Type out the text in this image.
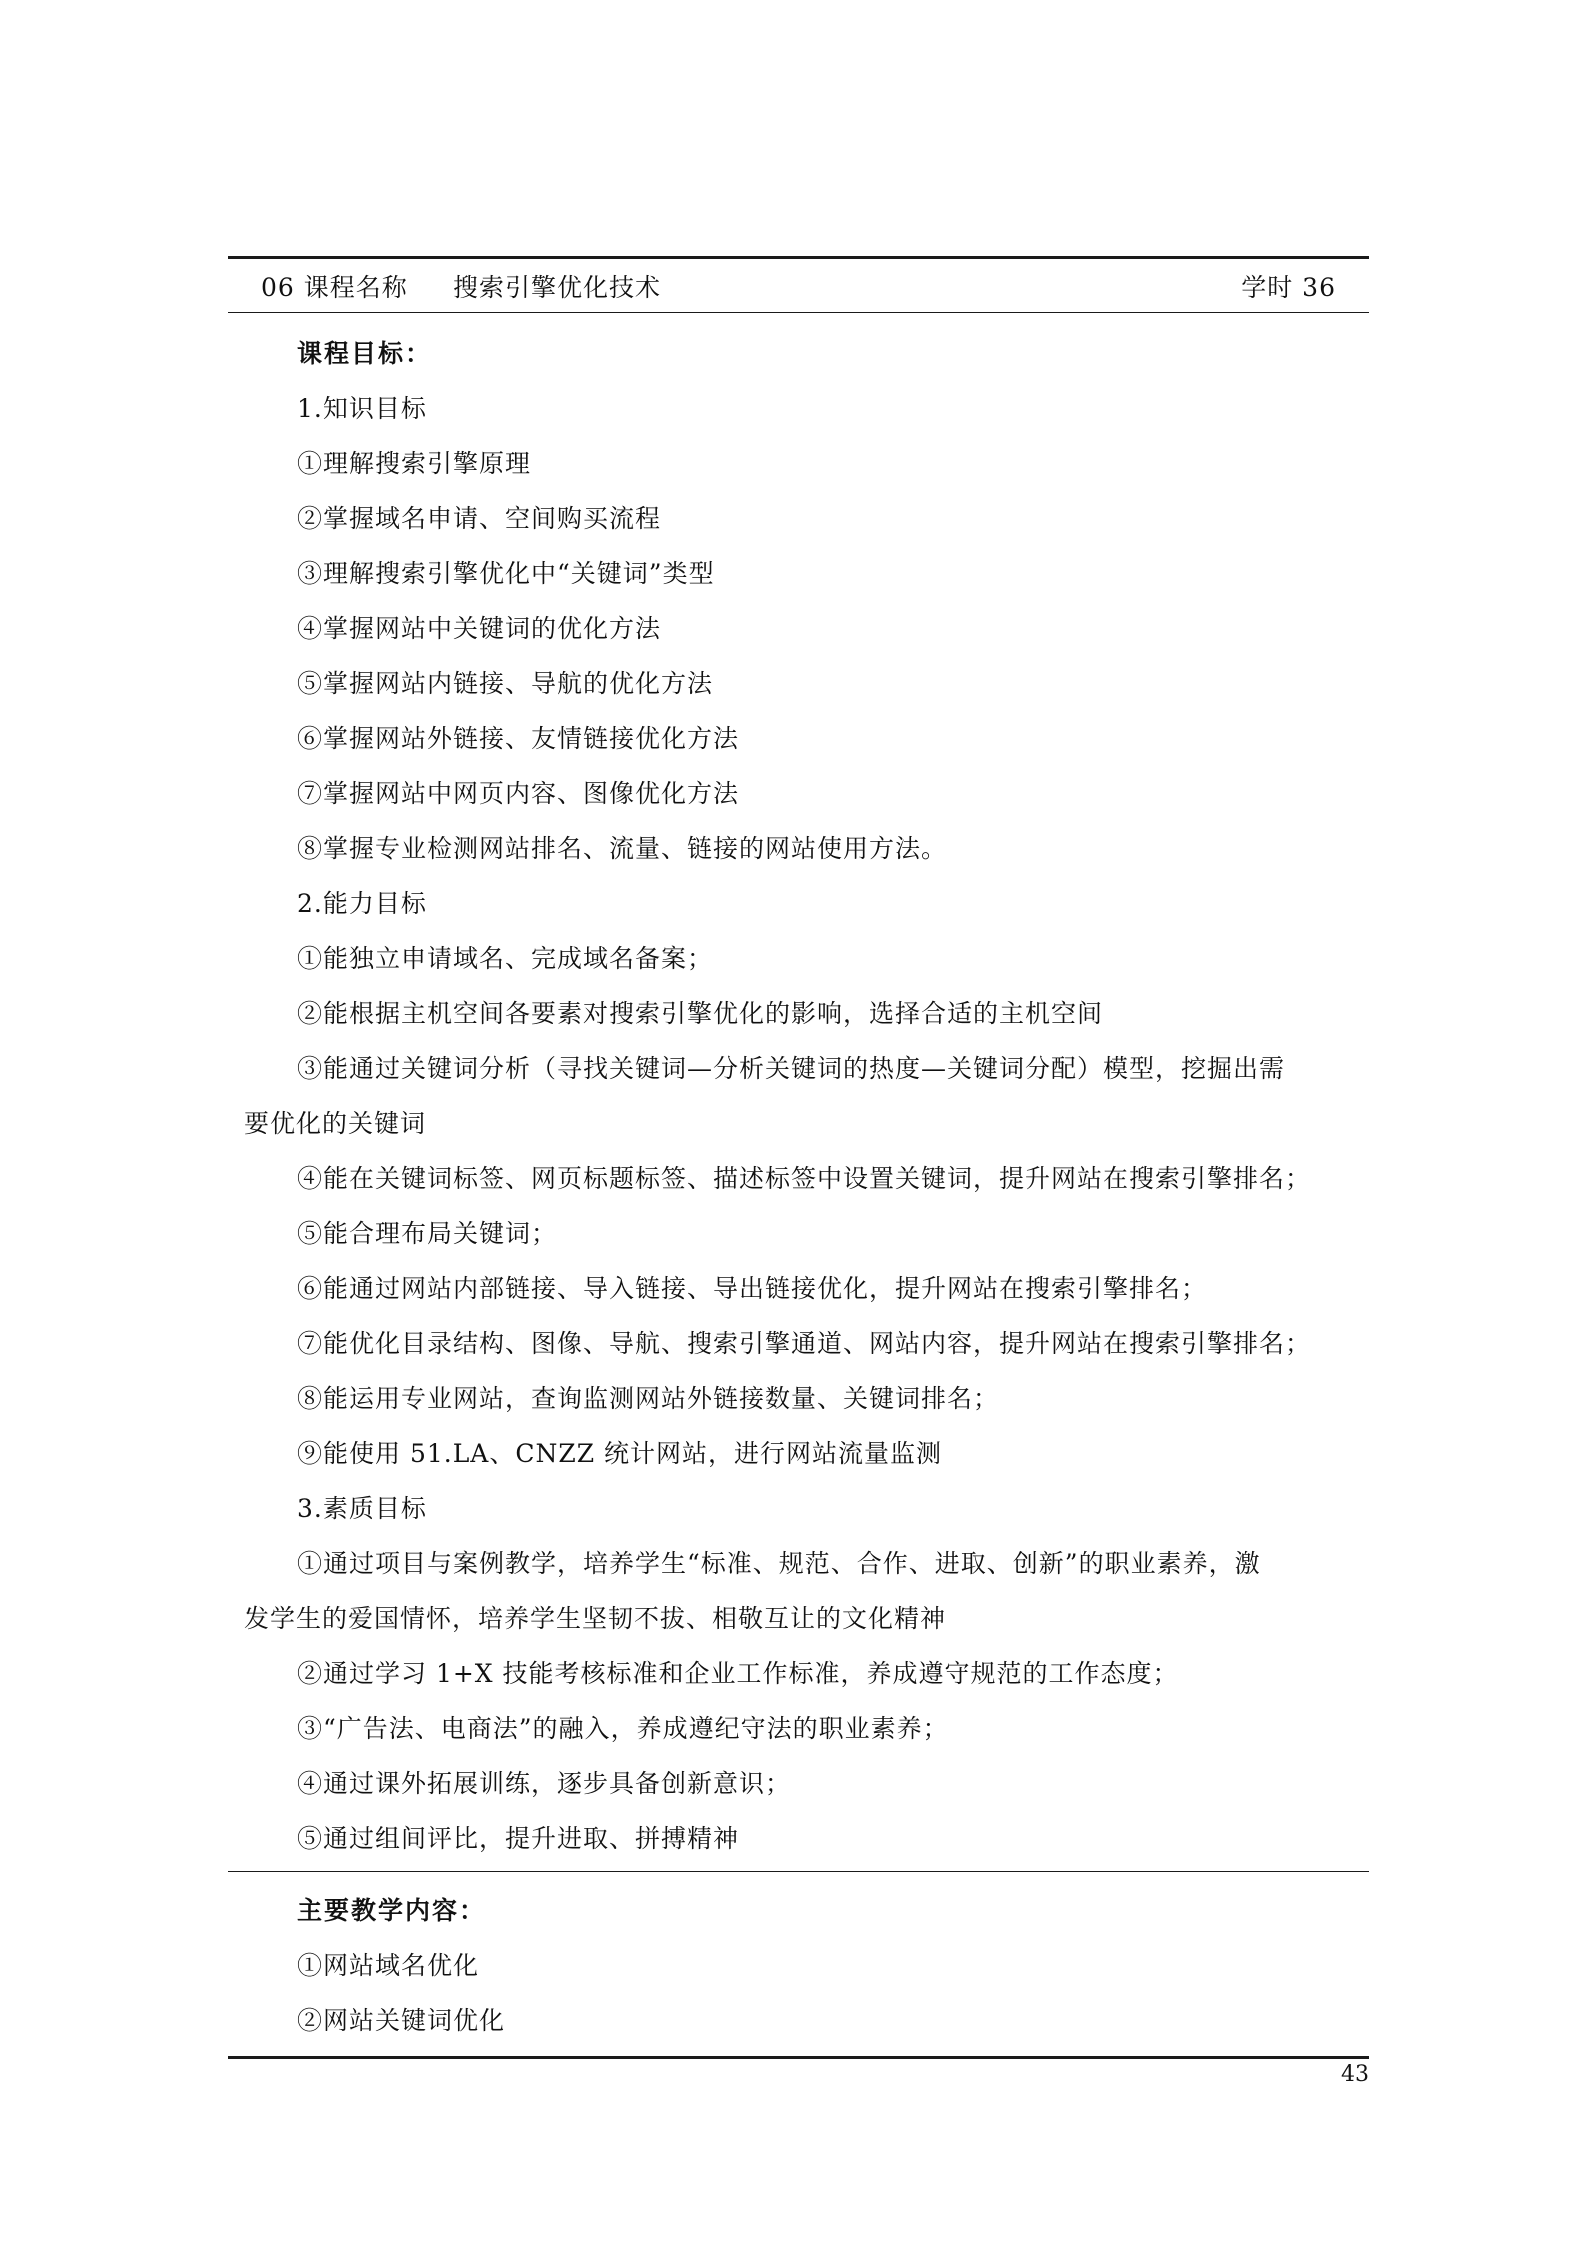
06 课程名称 搜索引擎优化技术	学时 36
课程目标：
1.知识目标
①理解搜索引擎原理
②掌握域名申请、空间购买流程
③理解搜索引擎优化中“关键词”类型
④掌握网站中关键词的优化方法
⑤掌握网站内链接、导航的优化方法
⑥掌握网站外链接、友情链接优化方法
⑦掌握网站中网页内容、图像优化方法
⑧掌握专业检测网站排名、流量、链接的网站使用方法。
2.能力目标
①能独立申请域名、完成域名备案；
②能根据主机空间各要素对搜索引擎优化的影响，选择合适的主机空间
③能通过关键词分析（寻找关键词—分析关键词的热度—关键词分配）模型，挖掘出需
要优化的关键词
④能在关键词标签、网页标题标签、描述标签中设置关键词，提升网站在搜索引擎排名；
⑤能合理布局关键词；
⑥能通过网站内部链接、导入链接、导出链接优化，提升网站在搜索引擎排名；
⑦能优化目录结构、图像、导航、搜索引擎通道、网站内容，提升网站在搜索引擎排名；
⑧能运用专业网站，查询监测网站外链接数量、关键词排名；
⑨能使用 51.LA、CNZZ 统计网站，进行网站流量监测
3.素质目标
①通过项目与案例教学，培养学生“标准、规范、合作、进取、创新”的职业素养，激
发学生的爱国情怀，培养学生坚韧不拔、相敬互让的文化精神
②通过学习 1+X 技能考核标准和企业工作标准，养成遵守规范的工作态度；
③“广告法、电商法”的融入，养成遵纪守法的职业素养；
④通过课外拓展训练，逐步具备创新意识；
⑤通过组间评比，提升进取、拼搏精神
主要教学内容：
①网站域名优化
②网站关键词优化
43
